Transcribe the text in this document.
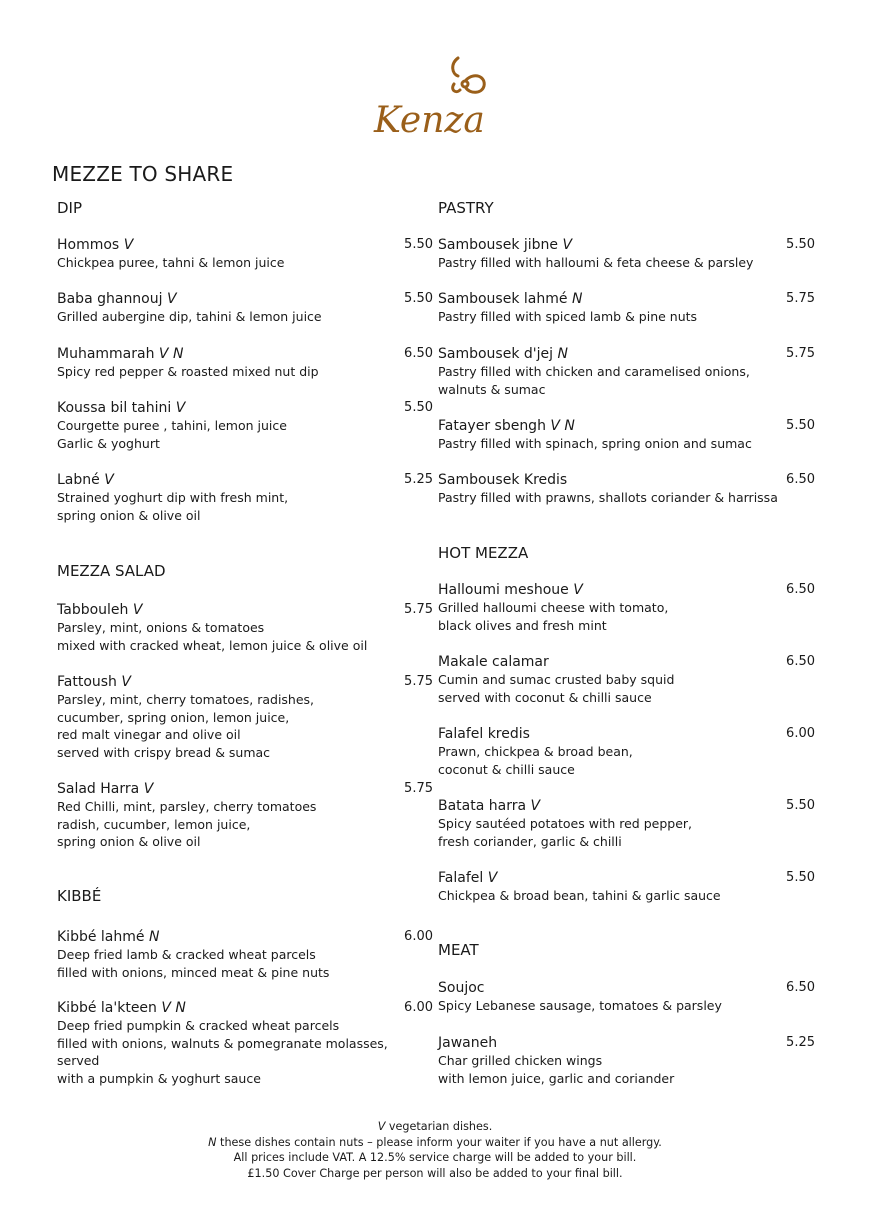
Kenza
MEZZE TO SHARE
DIP
Hommos V	5.50
Chickpea puree, tahni & lemon juice
Baba ghannouj V	5.50
Grilled aubergine dip, tahini & lemon juice
Muhammarah V N	6.50
Spicy red pepper & roasted mixed nut dip
Koussa bil tahini V	5.50
Courgette puree , tahini, lemon juice
Garlic & yoghurt
Labné V	5.25
Strained yoghurt dip with fresh mint,
spring onion & olive oil
MEZZA SALAD
Tabbouleh V	5.75
Parsley, mint, onions & tomatoes
mixed with cracked wheat, lemon juice & olive oil
Fattoush V	5.75
Parsley, mint, cherry tomatoes, radishes,
cucumber, spring onion, lemon juice,
red malt vinegar and olive oil
served with crispy bread & sumac
Salad Harra V	5.75
Red Chilli, mint, parsley, cherry tomatoes
radish, cucumber, lemon juice,
spring onion & olive oil
KIBBÉ
Kibbé lahmé N	6.00
Deep fried lamb & cracked wheat parcels
filled with onions, minced meat & pine nuts
Kibbé la'kteen V N	6.00
Deep fried pumpkin & cracked wheat parcels
filled with onions, walnuts & pomegranate molasses, served
with a pumpkin & yoghurt sauce
PASTRY
Sambousek jibne V	5.50
Pastry filled with halloumi & feta cheese & parsley
Sambousek lahmé N	5.75
Pastry filled with spiced lamb & pine nuts
Sambousek d'jej N	5.75
Pastry filled with chicken and caramelised onions,
walnuts & sumac
Fatayer sbengh V N	5.50
Pastry filled with spinach, spring onion and sumac
Sambousek Kredis	6.50
Pastry filled with prawns, shallots coriander & harrissa
HOT MEZZA
Halloumi meshoue V	6.50
Grilled halloumi cheese with tomato,
black olives and fresh mint
Makale calamar	6.50
Cumin and sumac crusted baby squid
served with coconut & chilli sauce
Falafel kredis	6.00
Prawn, chickpea & broad bean,
coconut & chilli sauce
Batata harra V	5.50
Spicy sautéed potatoes with red pepper,
fresh coriander, garlic & chilli
Falafel V	5.50
Chickpea & broad bean, tahini & garlic sauce
MEAT
Soujoc	6.50
Spicy Lebanese sausage, tomatoes & parsley
Jawaneh	5.25
Char grilled chicken wings
with lemon juice, garlic and coriander
V vegetarian dishes.
N these dishes contain nuts – please inform your waiter if you have a nut allergy.
All prices include VAT. A 12.5% service charge will be added to your bill.
£1.50 Cover Charge per person will also be added to your final bill.
